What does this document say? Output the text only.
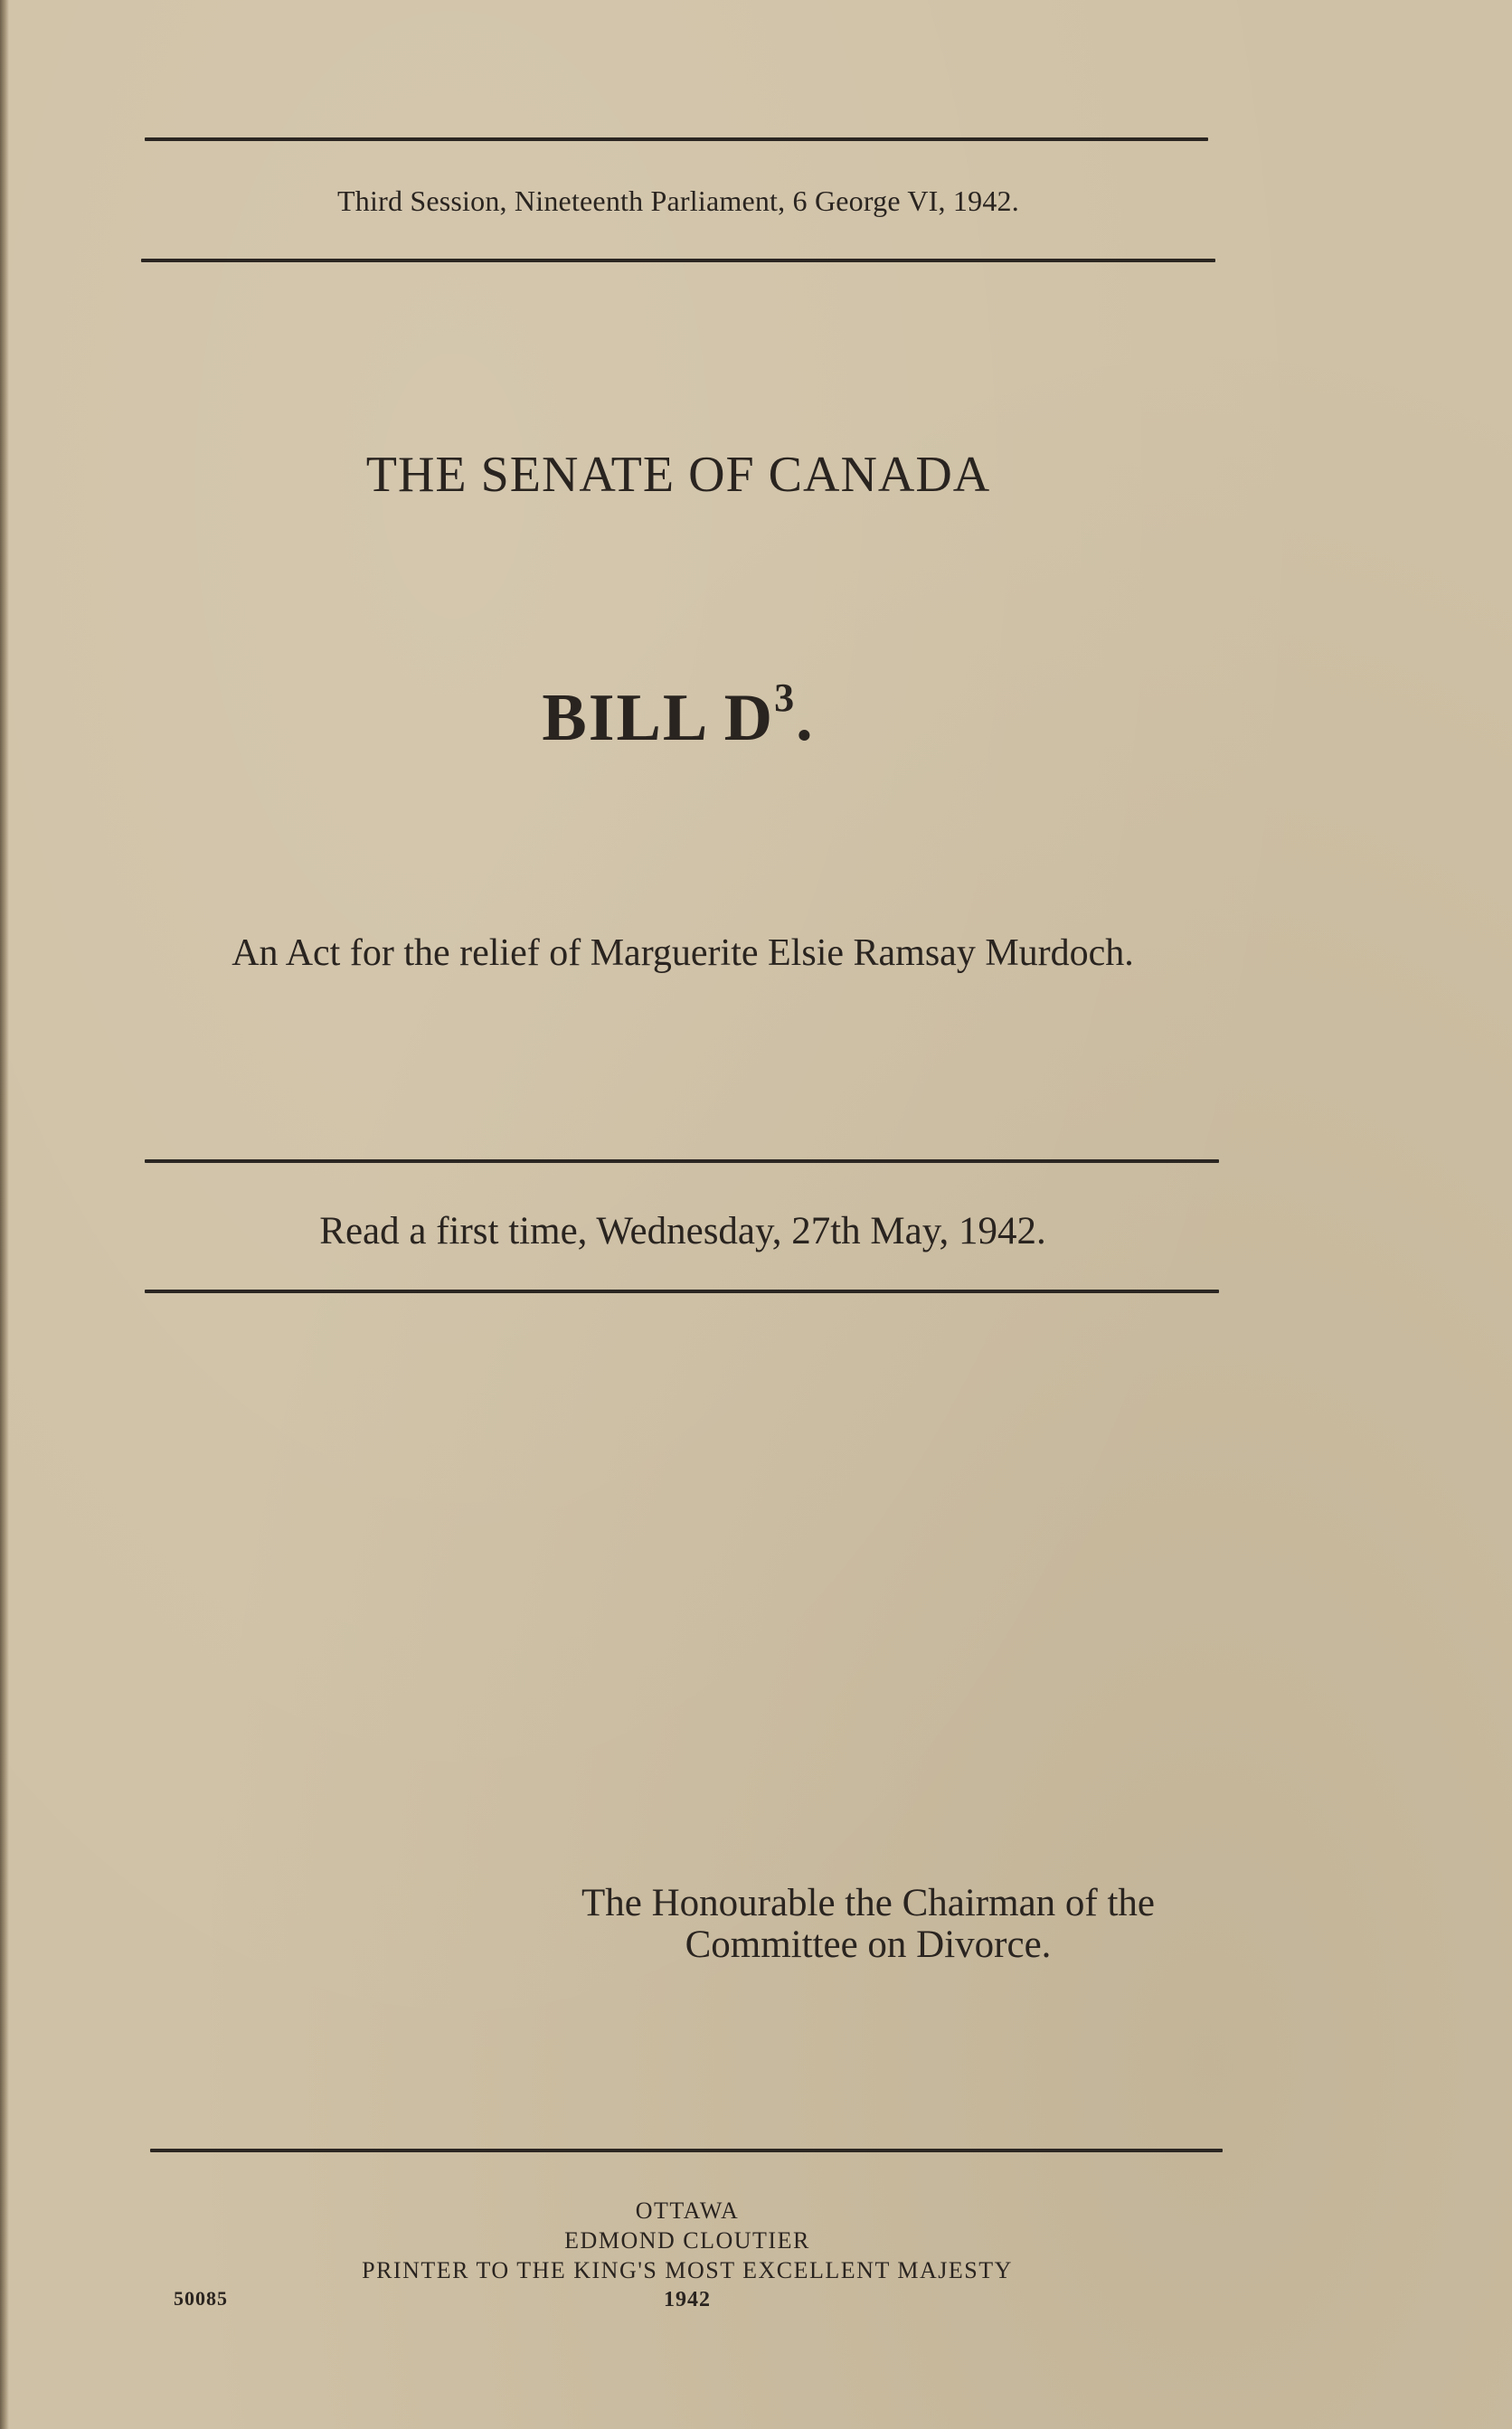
Third Session, Nineteenth Parliament, 6 George VI, 1942.
THE SENATE OF CANADA
BILL $D^3$.
An Act for the relief of Marguerite Elsie Ramsay Murdoch.
Read a first time, Wednesday, 27th May, 1942.
The Honourable the Chairman of the
Committee on Divorce.
OTTAWA
EDMOND CLOUTIER
PRINTER TO THE KING'S MOST EXCELLENT MAJESTY
1942
50085
